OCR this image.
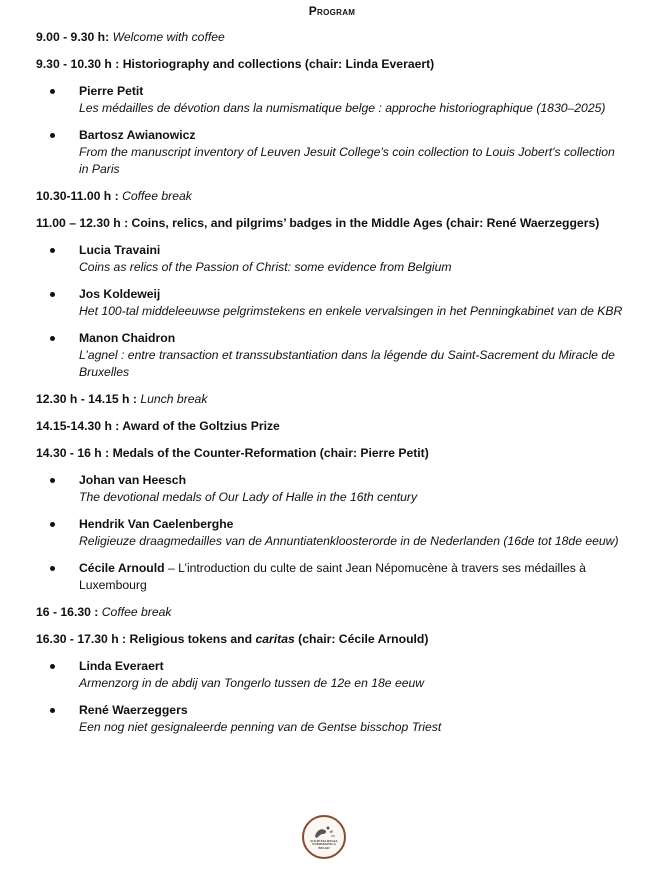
Program

9.00 - 9.30 h: Welcome with coffee

9.30 - 10.30 h : Historiography and collections (chair: Linda Everaert)

Pierre Petit
Les médailles de dévotion dans la numismatique belge : approche historiographique (1830–2025)
Bartosz Awianowicz
From the manuscript inventory of Leuven Jesuit College's coin collection to Louis Jobert's collection in Paris

10.30-11.00 h : Coffee break

11.00 – 12.30 h : Coins, relics, and pilgrims’ badges in the Middle Ages (chair: René Waerzeggers)

Lucia Travaini
Coins as relics of the Passion of Christ: some evidence from Belgium
Jos Koldeweij
Het 100-tal middeleeuwse pelgrimstekens en enkele vervalsingen in het Penningkabinet van de KBR
Manon Chaidron
L’agnel : entre transaction et transsubstantiation dans la légende du Saint-Sacrement du Miracle de Bruxelles

12.30 h - 14.15 h : Lunch break

14.15-14.30 h : Award of the Goltzius Prize

14.30 - 16 h : Medals of the Counter-Reformation (chair: Pierre Petit)

Johan van Heesch
The devotional medals of Our Lady of Halle in the 16th century
Hendrik Van Caelenberghe
Religieuze draagmedailles van de Annuntiatenkloosterorde in de Nederlanden (16de tot 18de eeuw)
Cécile Arnould – L’introduction du culte de saint Jean Népomucène à travers ses médailles à Luxembourg

16 - 16.30 : Coffee break

16.30 - 17.30 h : Religious tokens and caritas (chair: Cécile Arnould)

Linda Everaert
Armenzorg in de abdij van Tongerlo tussen de 12e en 18e eeuw
René Waerzeggers
Een nog niet gesignaleerde penning van de Gentse bisschop Triest
SOCIETAS REGIA
NUMISMATICA
BELGII
